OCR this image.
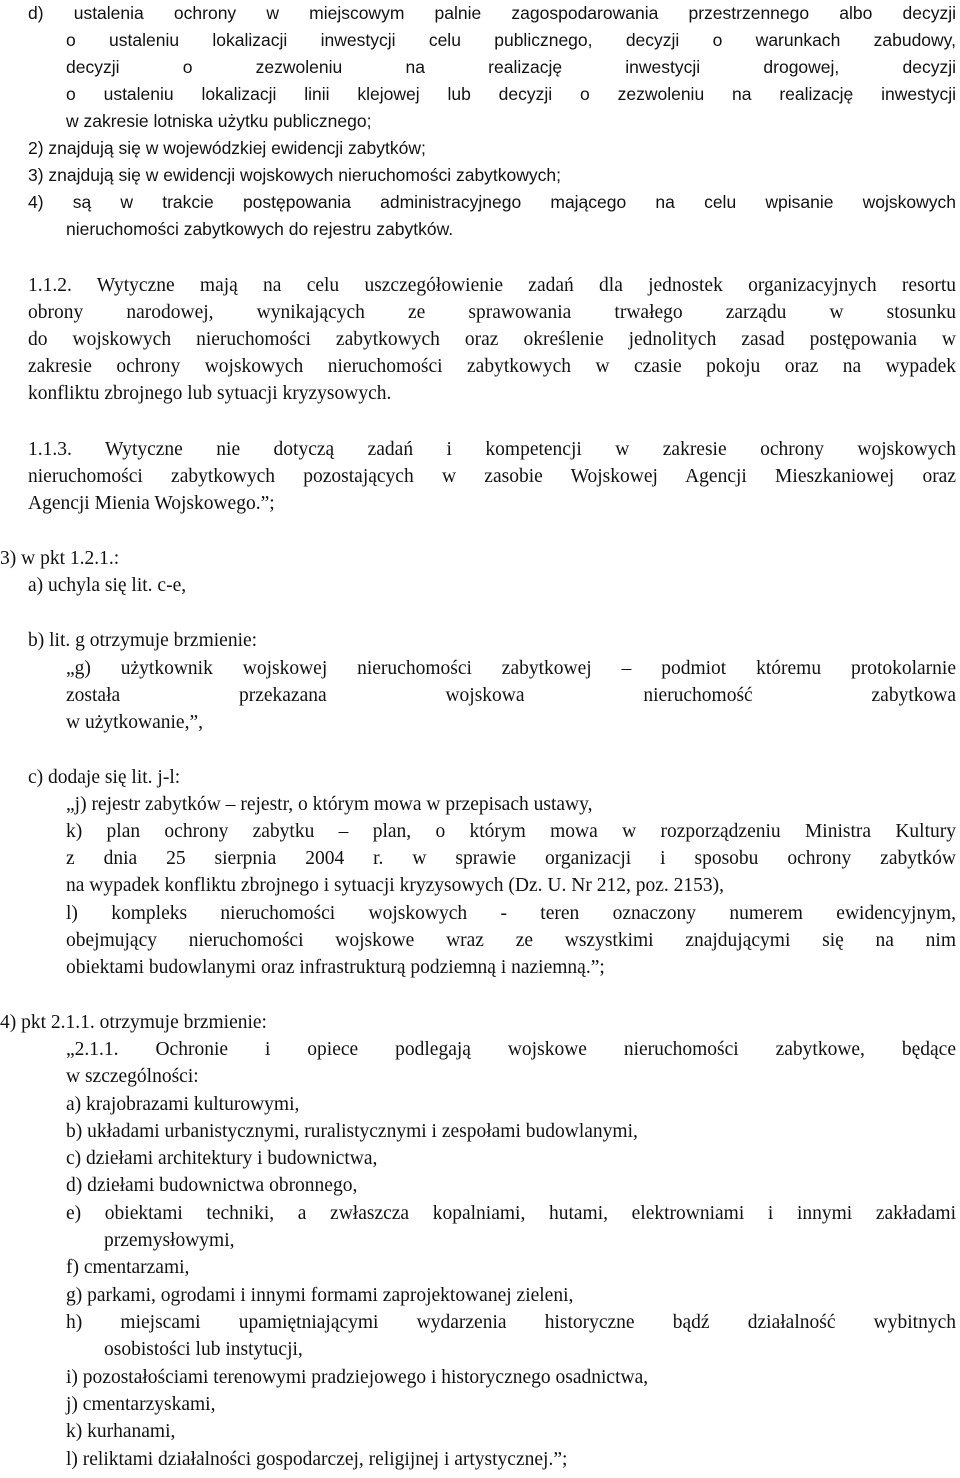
d) ustalenia ochrony w miejscowym palnie zagospodarowania przestrzennego albo decyzji
o ustaleniu lokalizacji inwestycji celu publicznego, decyzji o warunkach zabudowy,
decyzji o zezwoleniu na realizację inwestycji drogowej, decyzji
o ustaleniu lokalizacji linii klejowej lub decyzji o zezwoleniu na realizację inwestycji
w zakresie lotniska użytku publicznego;
2) znajdują się w wojewódzkiej ewidencji zabytków;
3) znajdują się w ewidencji wojskowych nieruchomości zabytkowych;
4) są w trakcie postępowania administracyjnego mającego na celu wpisanie wojskowych
nieruchomości zabytkowych do rejestru zabytków.
1.1.2. Wytyczne mają na celu uszczegółowienie zadań dla jednostek organizacyjnych resortu
obrony narodowej, wynikających ze sprawowania trwałego zarządu w stosunku
do wojskowych nieruchomości zabytkowych oraz określenie jednolitych zasad postępowania w
zakresie ochrony wojskowych nieruchomości zabytkowych w czasie pokoju oraz na wypadek
konfliktu zbrojnego lub sytuacji kryzysowych.
1.1.3. Wytyczne nie dotyczą zadań i kompetencji w zakresie ochrony wojskowych
nieruchomości zabytkowych pozostających w zasobie Wojskowej Agencji Mieszkaniowej oraz
Agencji Mienia Wojskowego.”;
3) w pkt 1.2.1.:
a) uchyla się lit. c-e,
b) lit. g otrzymuje brzmienie:
„g) użytkownik wojskowej nieruchomości zabytkowej – podmiot któremu protokolarnie
została przekazana wojskowa nieruchomość zabytkowa
w użytkowanie,”,
c) dodaje się lit. j-l:
„j) rejestr zabytków – rejestr, o którym mowa w przepisach ustawy,
k) plan ochrony zabytku – plan, o którym mowa w rozporządzeniu Ministra Kultury
z dnia 25 sierpnia 2004 r. w sprawie organizacji i sposobu ochrony zabytków
na wypadek konfliktu zbrojnego i sytuacji kryzysowych (Dz. U. Nr 212, poz. 2153),
l) kompleks nieruchomości wojskowych - teren oznaczony numerem ewidencyjnym,
obejmujący nieruchomości wojskowe wraz ze wszystkimi znajdującymi się na nim
obiektami budowlanymi oraz infrastrukturą podziemną i naziemną.”;
4) pkt 2.1.1. otrzymuje brzmienie:
„2.1.1. Ochronie i opiece podlegają wojskowe nieruchomości zabytkowe, będące
w szczególności:
a) krajobrazami kulturowymi,
b) układami urbanistycznymi, ruralistycznymi i zespołami budowlanymi,
c) dziełami architektury i budownictwa,
d) dziełami budownictwa obronnego,
e) obiektami techniki, a zwłaszcza kopalniami, hutami, elektrowniami i innymi zakładami
przemysłowymi,
f) cmentarzami,
g) parkami, ogrodami i innymi formami zaprojektowanej zieleni,
h) miejscami upamiętniającymi wydarzenia historyczne bądź działalność wybitnych
osobistości lub instytucji,
i) pozostałościami terenowymi pradziejowego i historycznego osadnictwa,
j) cmentarzyskami,
k) kurhanami,
l) reliktami działalności gospodarczej, religijnej i artystycznej.”;
